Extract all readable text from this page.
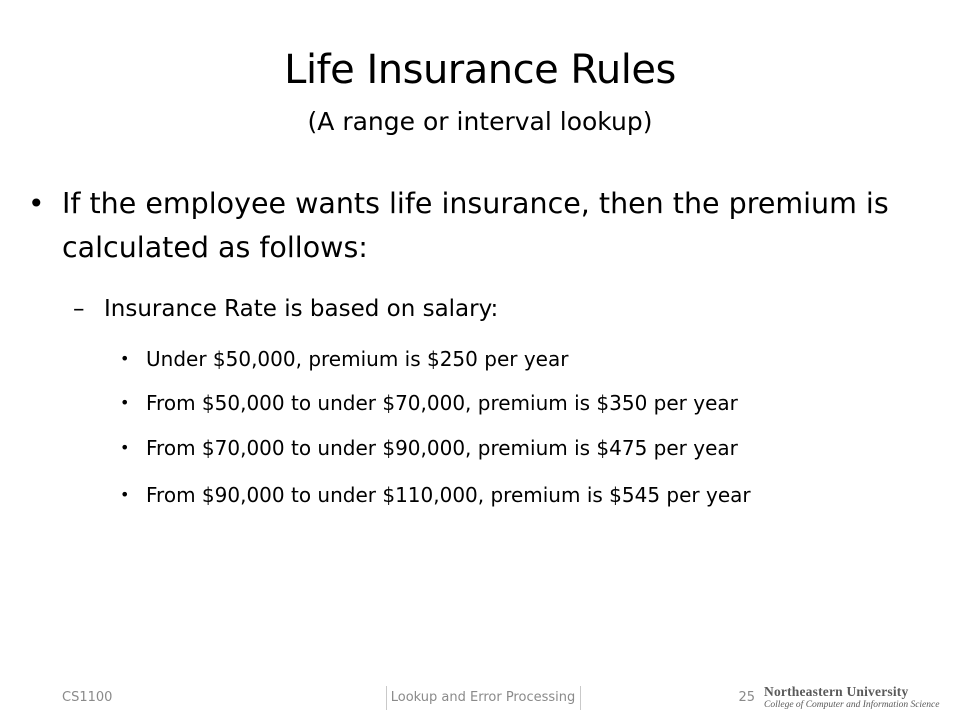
Life Insurance Rules
(A range or interval lookup)
• If the employee wants life insurance, then the premium is calculated as follows:
– Insurance Rate is based on salary:
• Under $50,000, premium is $250 per year
• From $50,000 to under $70,000, premium is $350 per year
• From $70,000 to under $90,000, premium is $475 per year
• From $90,000 to under $110,000, premium is $545 per year
CS1100	Lookup and Error Processing	25 Northeastern University
College of Computer and Information Science
